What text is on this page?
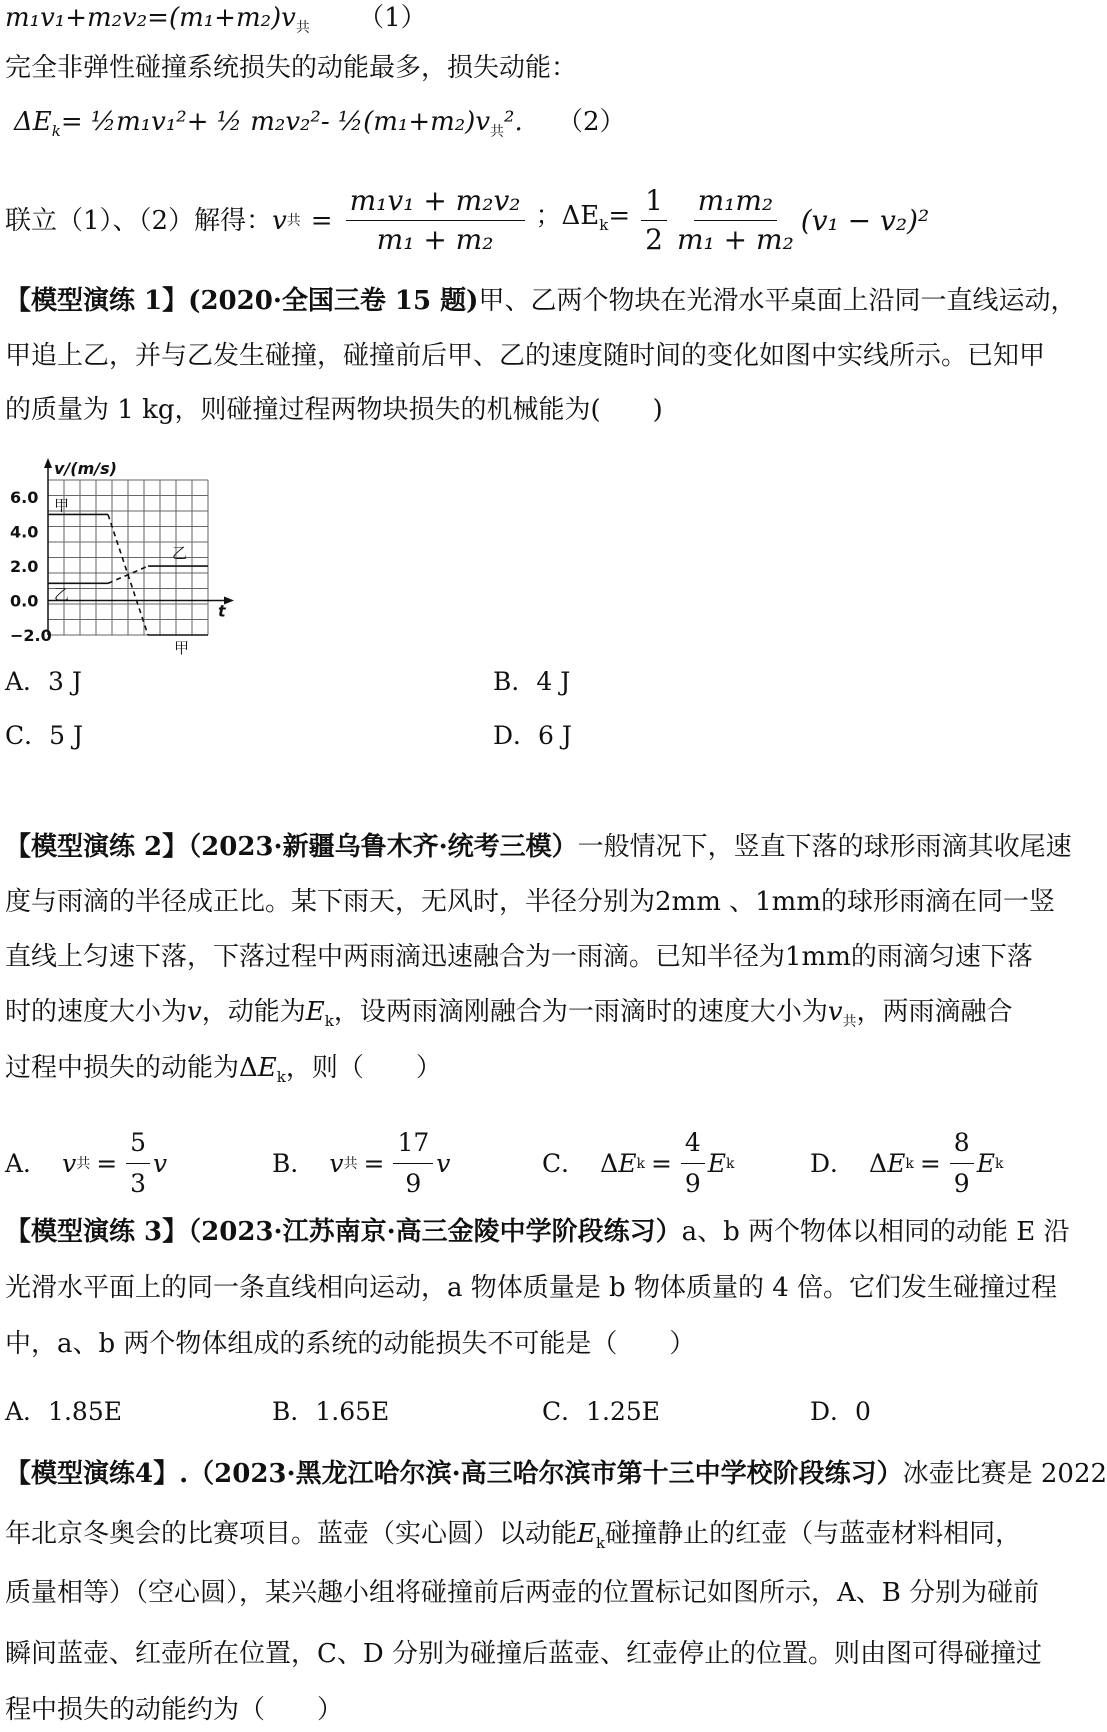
$m_1v_1+m_2v_2=(m_1+m_2)v_共$ （1）
完全非弹性碰撞系统损失的动能最多，损失动能：
$\Delta E_k=$ ½m₁v₁²+ ½ m₂v₂²- $\frac{1}{2}(m_1+m_2)v_共^2$. （2）
联立（1）、（2）解得： v 共 = $\frac{\text{m₁v₁ + m₂v₂}}{\text{m₁ + m₂}}$ ；$\Delta E_k= \frac{1}{2} \frac{\text{m₁m₂}}{\text{m₁ + m₂}} (v_1 - v_2)^2$
【模型演练 1】(2020·全国三卷 15 题)甲、乙两个物块在光滑水平桌面上沿同一直线运动，
甲追上乙，并与乙发生碰撞，碰撞前后甲、乙的速度随时间的变化如图中实线所示。已知甲
的质量为 1 kg，则碰撞过程两物块损失的机械能为(　　)
v/(m/s)
t
6.0
4.0
2.0
0.0
−2.0
甲
甲
乙
乙
A．3 J	B．4 J
C．5 J	D．6 J
【模型演练 2】（2023·新疆乌鲁木齐·统考三模）一般情况下，竖直下落的球形雨滴其收尾速
度与雨滴的半径成正比。某下雨天，无风时，半径分别为2mm 、1mm的球形雨滴在同一竖
直线上匀速下落，下落过程中两雨滴迅速融合为一雨滴。已知半径为1mm的雨滴匀速下落
时的速度大小为v，动能为$E_k$，设两雨滴刚融合为一雨滴时的速度大小为$v_共$，两雨滴融合
过程中损失的动能为$\Delta E_k$，则（　　）
A． v 共 = $\frac{5}{3}$ v	B． v 共 = $\frac{17}{9}$ v	C． Δ E $k = \frac{4}{9}$ E k	D． Δ E $k = \frac{8}{9}$ E k
【模型演练 3】（2023·江苏南京·高三金陵中学阶段练习）a、b 两个物体以相同的动能 E 沿
光滑水平面上的同一条直线相向运动，a 物体质量是 b 物体质量的 4 倍。它们发生碰撞过程
中，a、b 两个物体组成的系统的动能损失不可能是（　　）
A．1.85E	B．1.65E	C．1.25E	D．0
【模型演练4】.（2023·黑龙江哈尔滨·高三哈尔滨市第十三中学校阶段练习）冰壶比赛是 2022
年北京冬奥会的比赛项目。蓝壶（实心圆）以动能$E_k$碰撞静止的红壶（与蓝壶材料相同，
质量相等）（空心圆），某兴趣小组将碰撞前后两壶的位置标记如图所示，A、B 分别为碰前
瞬间蓝壶、红壶所在位置，C、D 分别为碰撞后蓝壶、红壶停止的位置。则由图可得碰撞过
程中损失的动能约为（　　）
